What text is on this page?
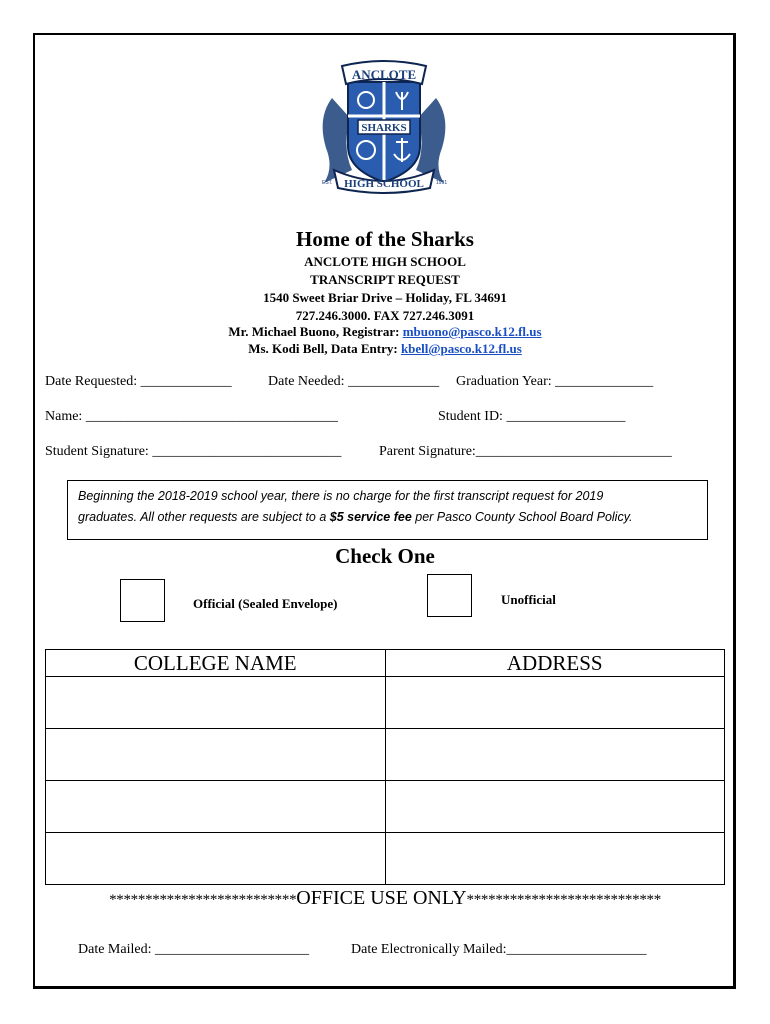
ANCLOTE
SHARKS
HIGH SCHOOL
EST.	1991
Home of the Sharks
ANCLOTE HIGH SCHOOL
TRANSCRIPT REQUEST
1540 Sweet Briar Drive – Holiday, FL 34691
727.246.3000. FAX 727.246.3091
Mr. Michael Buono, Registrar: mbuono@pasco.k12.fl.us
Ms. Kodi Bell, Data Entry: kbell@pasco.k12.fl.us
Date Requested: _____________	Date Needed: _____________ Graduation Year: ______________
Name: ____________________________________	Student ID: _________________
Student Signature: ___________________________	Parent Signature:____________________________
Beginning the 2018-2019 school year, there is no charge for the first transcript request for 2019
graduates. All other requests are subject to a $5 service fee per Pasco County School Board Policy.
Check One
Official (Sealed Envelope)	Unofficial
COLLEGE NAME	ADDRESS

**************************OFFICE USE ONLY***************************
Date Mailed: ______________________	Date Electronically Mailed:____________________
